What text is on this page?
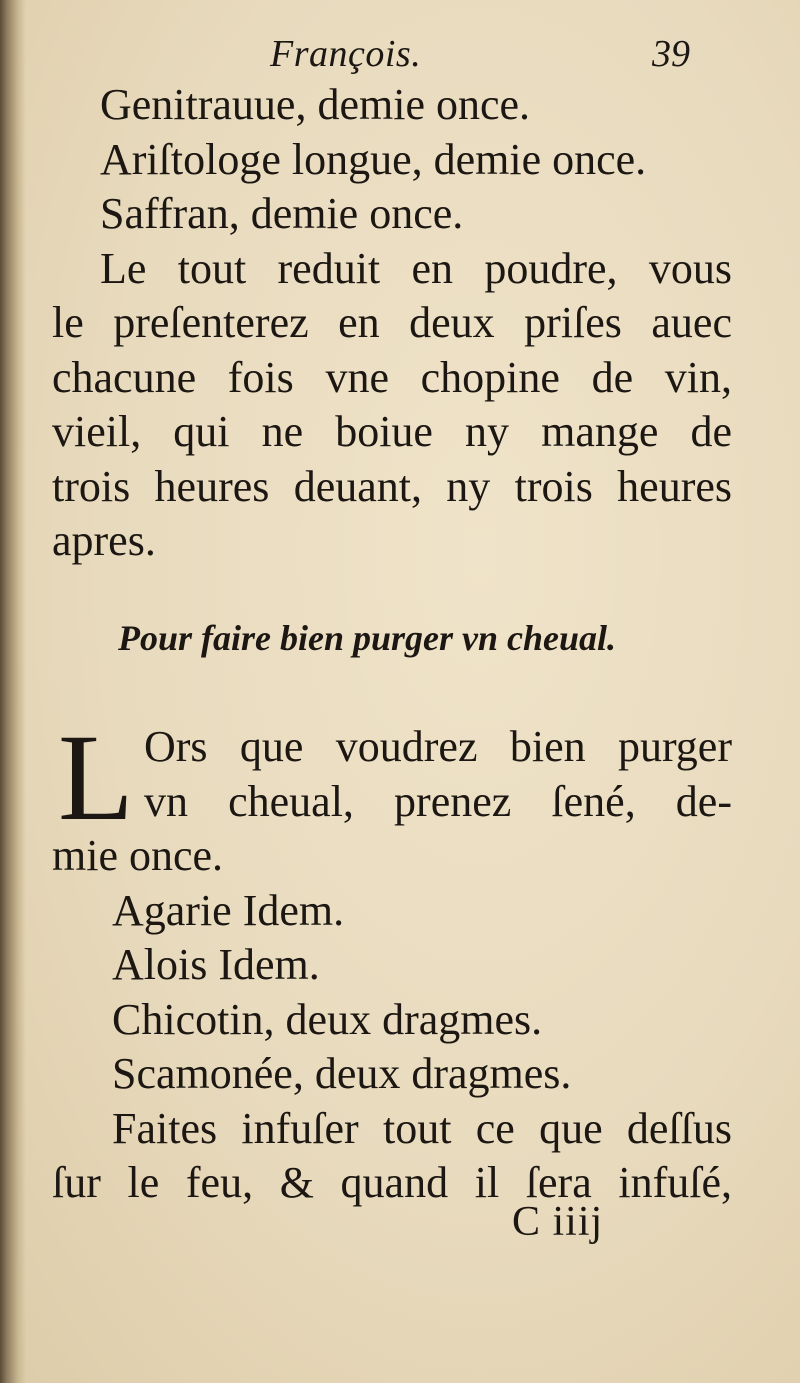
François.	39
Genitrauue, demie once.
Ariſtologe longue, demie once.
Saffran, demie once.
Le tout reduit en poudre, vous
le preſenterez en deux priſes auec
chacune fois vne chopine de vin,
vieil, qui ne boiue ny mange de
trois heures deuant, ny trois heures
apres.
Pour faire bien purger vn cheual.
L Ors que voudrez bien purger
vn cheual, prenez ſené, de-
mie once.
Agarie Idem.
Alois Idem.
Chicotin, deux dragmes.
Scamonée, deux dragmes.
Faites infuſer tout ce que deſſus
ſur le feu, & quand il ſera infuſé,
C iiij
